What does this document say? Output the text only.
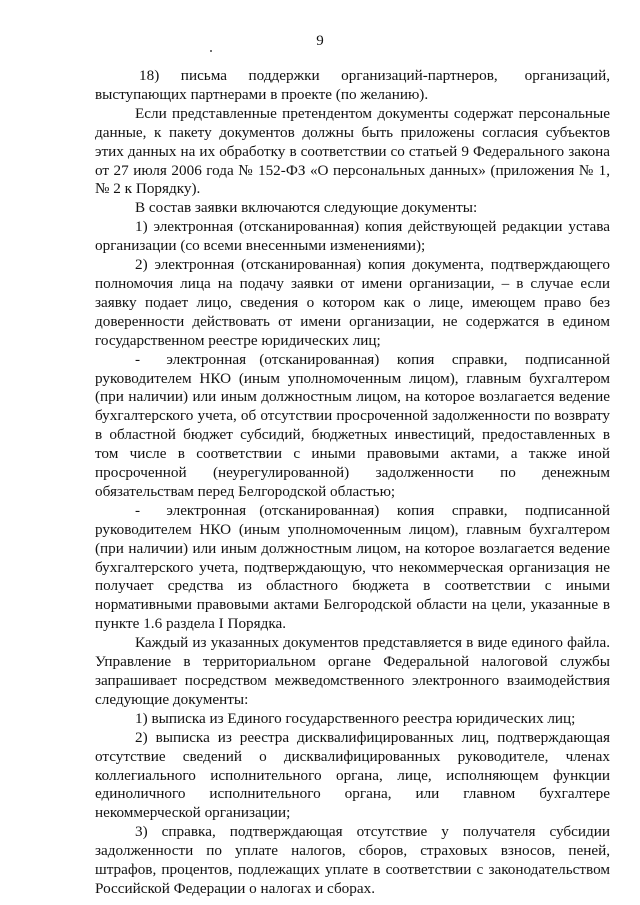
9

18)    письма    поддержки    организаций-партнеров,     организаций, выступающих партнерами в проекте (по желанию).

Если представленные претендентом документы содержат персональные данные, к пакету документов должны быть приложены согласия субъектов этих данных на их обработку в соответствии со статьей 9 Федерального закона от 27 июля 2006 года № 152-ФЗ «О персональных данных» (приложения № 1, № 2 к Порядку).

В состав заявки включаются следующие документы:

1) электронная (отсканированная) копия действующей редакции устава организации (со всеми внесенными изменениями);

2) электронная (отсканированная) копия документа, подтверждающего полномочия лица на подачу заявки от имени организации, – в случае если заявку подает лицо, сведения о котором как о лице, имеющем право без доверенности действовать от имени организации, не содержатся в едином государственном реестре юридических лиц;

-      электронная   (отсканированная)    копия    справки,    подписанной руководителем НКО (иным уполномоченным лицом), главным бухгалтером (при наличии) или иным должностным лицом, на которое возлагается ведение бухгалтерского учета, об отсутствии просроченной задолженности по возврату в областной бюджет субсидий, бюджетных инвестиций, предоставленных в том числе в соответствии с иными правовыми актами, а также иной просроченной (неурегулированной) задолженности по денежным обязательствам перед Белгородской областью;

-      электронная   (отсканированная)    копия    справки,    подписанной руководителем НКО (иным уполномоченным лицом), главным бухгалтером (при наличии) или иным должностным лицом, на которое возлагается ведение бухгалтерского учета, подтверждающую, что некоммерческая организация не получает средства из областного бюджета в соответствии с иными нормативными правовыми актами Белгородской области на цели, указанные в пункте 1.6 раздела I Порядка.

Каждый из указанных документов представляется в виде единого файла. Управление в территориальном органе Федеральной налоговой службы запрашивает посредством межведомственного электронного взаимодействия следующие документы:

1) выписка из Единого государственного реестра юридических лиц;

2) выписка из реестра дисквалифицированных лиц, подтверждающая отсутствие сведений о дисквалифицированных руководителе, членах коллегиального исполнительного органа, лице, исполняющем функции единоличного исполнительного органа, или главном бухгалтере некоммерческой организации;

3) справка, подтверждающая отсутствие у получателя субсидии задолженности по уплате налогов, сборов, страховых взносов, пеней, штрафов, процентов, подлежащих уплате в соответствии с законодательством Российской Федерации о налогах и сборах.
